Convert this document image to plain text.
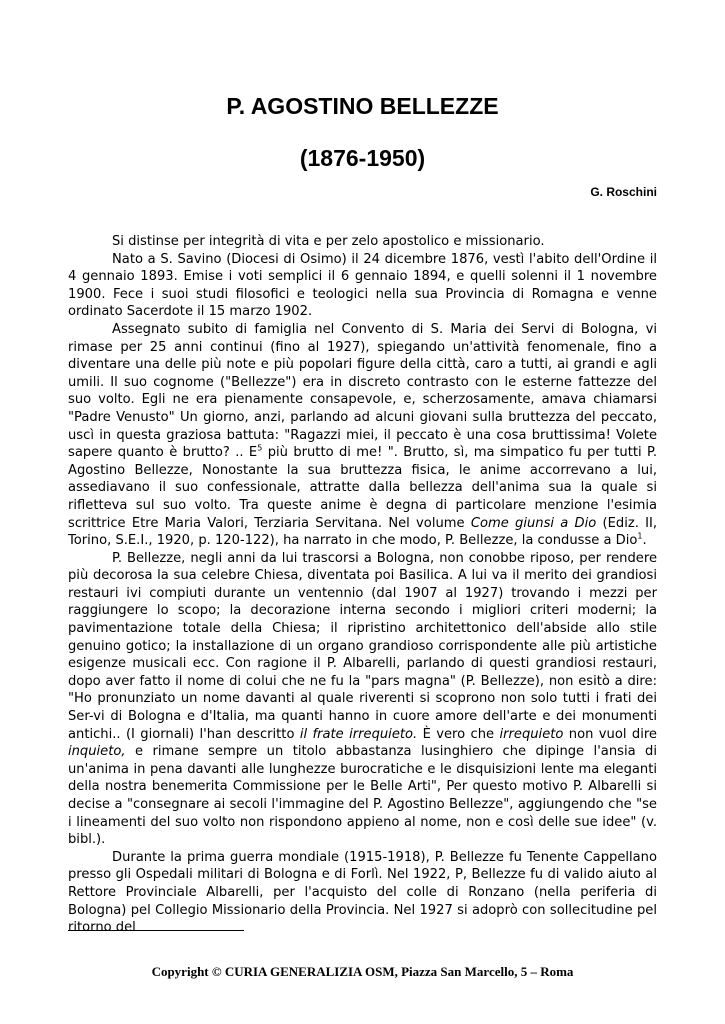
P. AGOSTINO BELLEZZE
(1876-1950)

G. Roschini

Si distinse per integrità di vita e per zelo apostolico e missionario.

Nato a S. Savino (Diocesi di Osimo) il 24 dicembre 1876, vestì l'abito dell'Ordine il 4 gennaio 1893. Emise i voti semplici il 6 gennaio 1894, e quelli solenni il 1 novembre 1900. Fece i suoi studi filosofici e teologici nella sua Provincia di Romagna e venne ordinato Sacerdote il 15 marzo 1902.

Assegnato subito di famiglia nel Convento di S. Maria dei Servi di Bologna, vi rimase per 25 anni continui (fino al 1927), spiegando un'attività fenomenale, fino a diventare una delle più note e più popolari figure della città, caro a tutti, ai grandi e agli umili. Il suo cognome ("Bellezze") era in discreto contrasto con le esterne fattezze del suo volto. Egli ne era pienamente consapevole, e, scherzosamente, amava chiamarsi "Padre Venusto" Un giorno, anzi, parlando ad alcuni giovani sulla bruttezza del peccato, uscì in questa graziosa battuta: "Ragazzi miei, il peccato è una cosa bruttissima! Volete sapere quanto è brutto? .. $E^5$ più brutto di me! ". Brutto, sì, ma simpatico fu per tutti P. Agostino Bellezze, Nonostante la sua bruttezza fisica, le anime accorrevano a lui, assediavano il suo confessionale, attratte dalla bellezza dell'anima sua la quale si rifletteva sul suo volto. Tra queste anime è degna di particolare menzione l'esimia scrittrice Etre Maria Valori, Terziaria Servitana. Nel volume Come giunsi a Dio (Ediz. II, Torino, S.E.I., 1920, p. 120-122), ha narrato in che modo, P. Bellezze, la condusse a Dio$^1$.

P. Bellezze, negli anni da lui trascorsi a Bologna, non conobbe riposo, per rendere più decorosa la sua celebre Chiesa, diventata poi Basilica. A lui va il merito dei grandiosi restauri ivi compiuti durante un ventennio (dal 1907 al 1927) trovando i mezzi per raggiungere lo scopo; la decorazione interna secondo i migliori criteri moderni; la pavimentazione totale della Chiesa; il ripristino architettonico dell'abside allo stile genuino gotico; la installazione di un organo grandioso corrispondente alle più artistiche esigenze musicali ecc. Con ragione il P. Albarelli, parlando di questi grandiosi restauri, dopo aver fatto il nome di colui che ne fu la "pars magna" (P. Bellezze), non esitò a dire: "Ho pronunziato un nome davanti al quale riverenti si scoprono non solo tutti i frati dei Ser-vi di Bologna e d'Italia, ma quanti hanno in cuore amore dell'arte e dei monumenti antichi.. (I giornali) l'han descritto il frate irrequieto. È vero che irrequieto non vuol dire inquieto, e rimane sempre un titolo abbastanza lusinghiero che dipinge l'ansia di un'anima in pena davanti alle lunghezze burocratiche e le disquisizioni lente ma eleganti della nostra benemerita Commissione per le Belle Arti", Per questo motivo P. Albarelli si decise a "consegnare ai secoli l'immagine del P. Agostino Bellezze", aggiungendo che "se i lineamenti del suo volto non rispondono appieno al nome, non e così delle sue idee" (v. bibl.).

Durante la prima guerra mondiale (1915-1918), P. Bellezze fu Tenente Cappellano presso gli Ospedali militari di Bologna e di Forlì. Nel 1922, P, Bellezze fu di valido aiuto al Rettore Provinciale Albarelli, per l'acquisto del colle di Ronzano (nella periferia di Bologna) pel Collegio Missionario della Provincia. Nel 1927 si adoprò con sollecitudine pel ritorno del

Copyright © CURIA GENERALIZIA OSM, Piazza San Marcello, 5 – Roma
